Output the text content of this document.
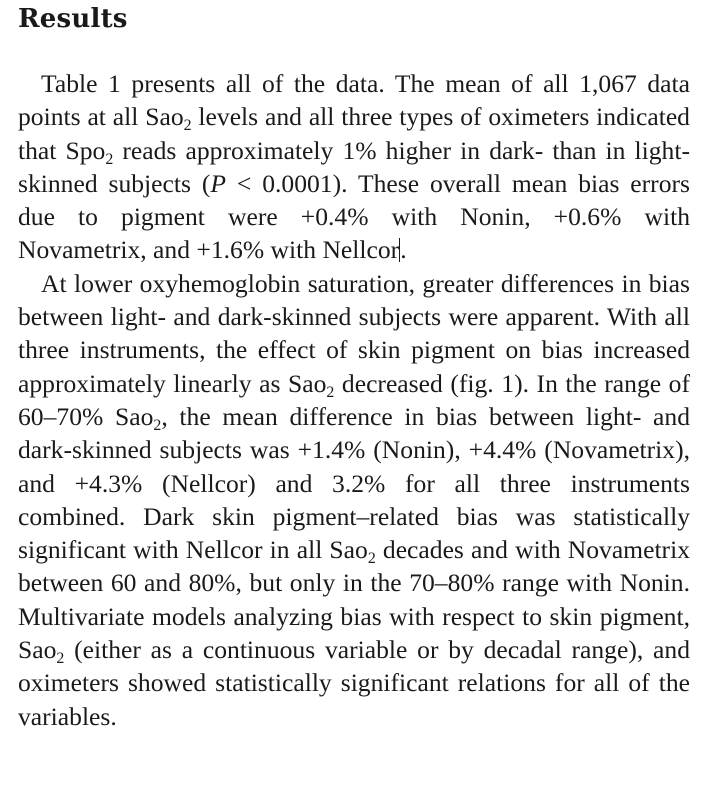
Results

Table 1 presents all of the data. The mean of all 1,067 data points at all Sao$_2$ levels and all three types of oximeters indicated that Spo$_2$ reads approximately 1% higher in dark- than in light-skinned subjects (P < 0.0001). These overall mean bias errors due to pigment were +0.4% with Nonin, +0.6% with Novametrix, and +1.6% with Nellcor.

At lower oxyhemoglobin saturation, greater differences in bias between light- and dark-skinned subjects were apparent. With all three instruments, the effect of skin pigment on bias increased approximately linearly as Sao$_2$ decreased (fig. 1). In the range of 60–70% Sao$_2$, the mean difference in bias between light- and dark-skinned subjects was +1.4% (Nonin), +4.4% (Novametrix), and +4.3% (Nellcor) and 3.2% for all three instruments combined. Dark skin pigment–related bias was statistically significant with Nellcor in all Sao$_2$ decades and with Novametrix between 60 and 80%, but only in the 70–80% range with Nonin. Multivariate models analyzing bias with respect to skin pigment, Sao$_2$ (either as a continuous variable or by decadal range), and oximeters showed statistically significant relations for all of the variables.
